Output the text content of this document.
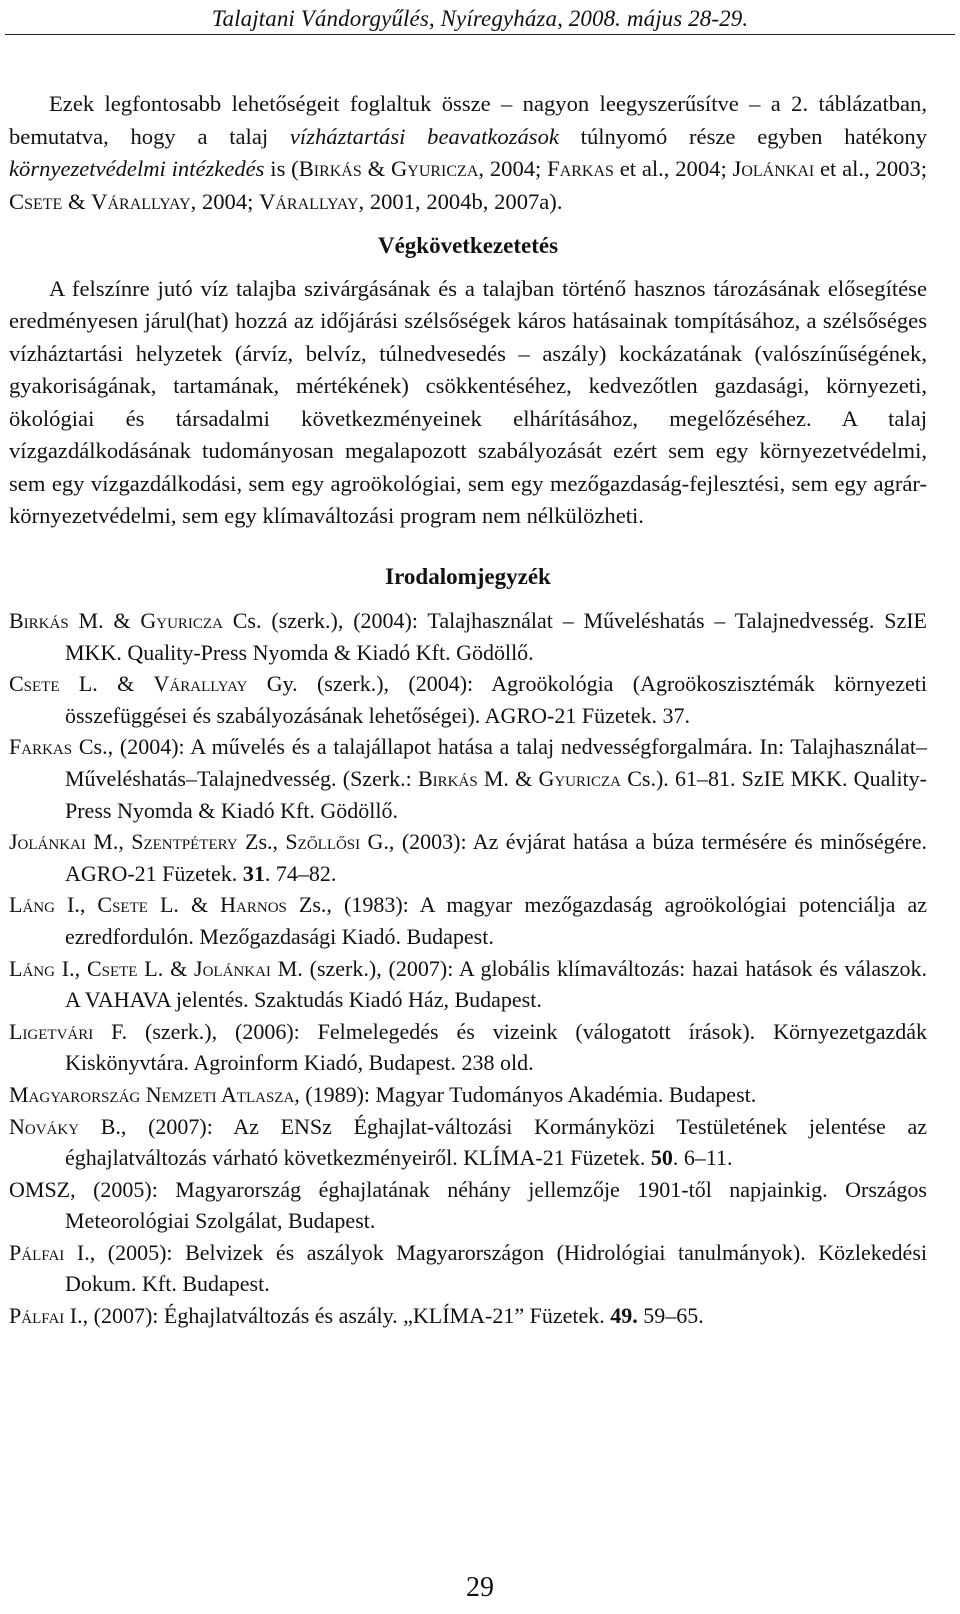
Talajtani Vándorgyűlés, Nyíregyháza, 2008. május 28-29.

Ezek legfontosabb lehetőségeit foglaltuk össze – nagyon leegyszerűsítve – a 2. táblázatban, bemutatva, hogy a talaj vízháztartási beavatkozások túlnyomó része egyben hatékony környezetvédelmi intézkedés is (Birkás & Gyuricza, 2004; Farkas et al., 2004; Jolánkai et al., 2003; Csete & Várallyay, 2004; Várallyay, 2001, 2004b, 2007a).

Végkövetkezetetés

A felszínre jutó víz talajba szivárgásának és a talajban történő hasznos tározásának elősegítése eredményesen járul(hat) hozzá az időjárási szélsőségek káros hatásainak tompításához, a szélsőséges vízháztartási helyzetek (árvíz, belvíz, túlnedvesedés – aszály) kockázatának (valószínűségének, gyakoriságának, tartamának, mértékének) csökkentéséhez, kedvezőtlen gazdasági, környezeti, ökológiai és társadalmi következményeinek elhárításához, megelőzéséhez. A talaj vízgazdálkodásának tudományosan megalapozott szabályozását ezért sem egy környezetvédelmi, sem egy vízgazdálkodási, sem egy agroökológiai, sem egy mezőgazdaság-fejlesztési, sem egy agrár-környezetvédelmi, sem egy klímaváltozási program nem nélkülözheti.

Irodalomjegyzék

Birkás M. & Gyuricza Cs. (szerk.), (2004): Talajhasználat – Műveléshatás – Talajnedvesség. SzIE MKK. Quality-Press Nyomda & Kiadó Kft. Gödöllő.

Csete L. & Várallyay Gy. (szerk.), (2004): Agroökológia (Agroökoszisztémák környezeti összefüggései és szabályozásának lehetőségei). AGRO-21 Füzetek. 37.

Farkas Cs., (2004): A művelés és a talajállapot hatása a talaj nedvességforgalmára. In: Talajhasználat–Műveléshatás–Talajnedvesség. (Szerk.: Birkás M. & Gyuricza Cs.). 61–81. SzIE MKK. Quality-Press Nyomda & Kiadó Kft. Gödöllő.

Jolánkai M., Szentpétery Zs., Szőllősi G., (2003): Az évjárat hatása a búza termésére és minőségére. AGRO-21 Füzetek. 31. 74–82.

Láng I., Csete L. & Harnos Zs., (1983): A magyar mezőgazdaság agroökológiai potenciálja az ezredfordulón. Mezőgazdasági Kiadó. Budapest.

Láng I., Csete L. & Jolánkai M. (szerk.), (2007): A globális klímaváltozás: hazai hatások és válaszok. A VAHAVA jelentés. Szaktudás Kiadó Ház, Budapest.

Ligetvári F. (szerk.), (2006): Felmelegedés és vizeink (válogatott írások). Környezetgazdák Kiskönyvtára. Agroinform Kiadó, Budapest. 238 old.

Magyarország Nemzeti Atlasza, (1989): Magyar Tudományos Akadémia. Budapest.

Nováky B., (2007): Az ENSz Éghajlat-változási Kormányközi Testületének jelentése az éghajlatváltozás várható következményeiről. KLÍMA-21 Füzetek. 50. 6–11.

OMSZ, (2005): Magyarország éghajlatának néhány jellemzője 1901-től napjainkig. Országos Meteorológiai Szolgálat, Budapest.

Pálfai I., (2005): Belvizek és aszályok Magyarországon (Hidrológiai tanulmányok). Közlekedési Dokum. Kft. Budapest.

Pálfai I., (2007): Éghajlatváltozás és aszály. „KLÍMA-21” Füzetek. 49. 59–65.

29
